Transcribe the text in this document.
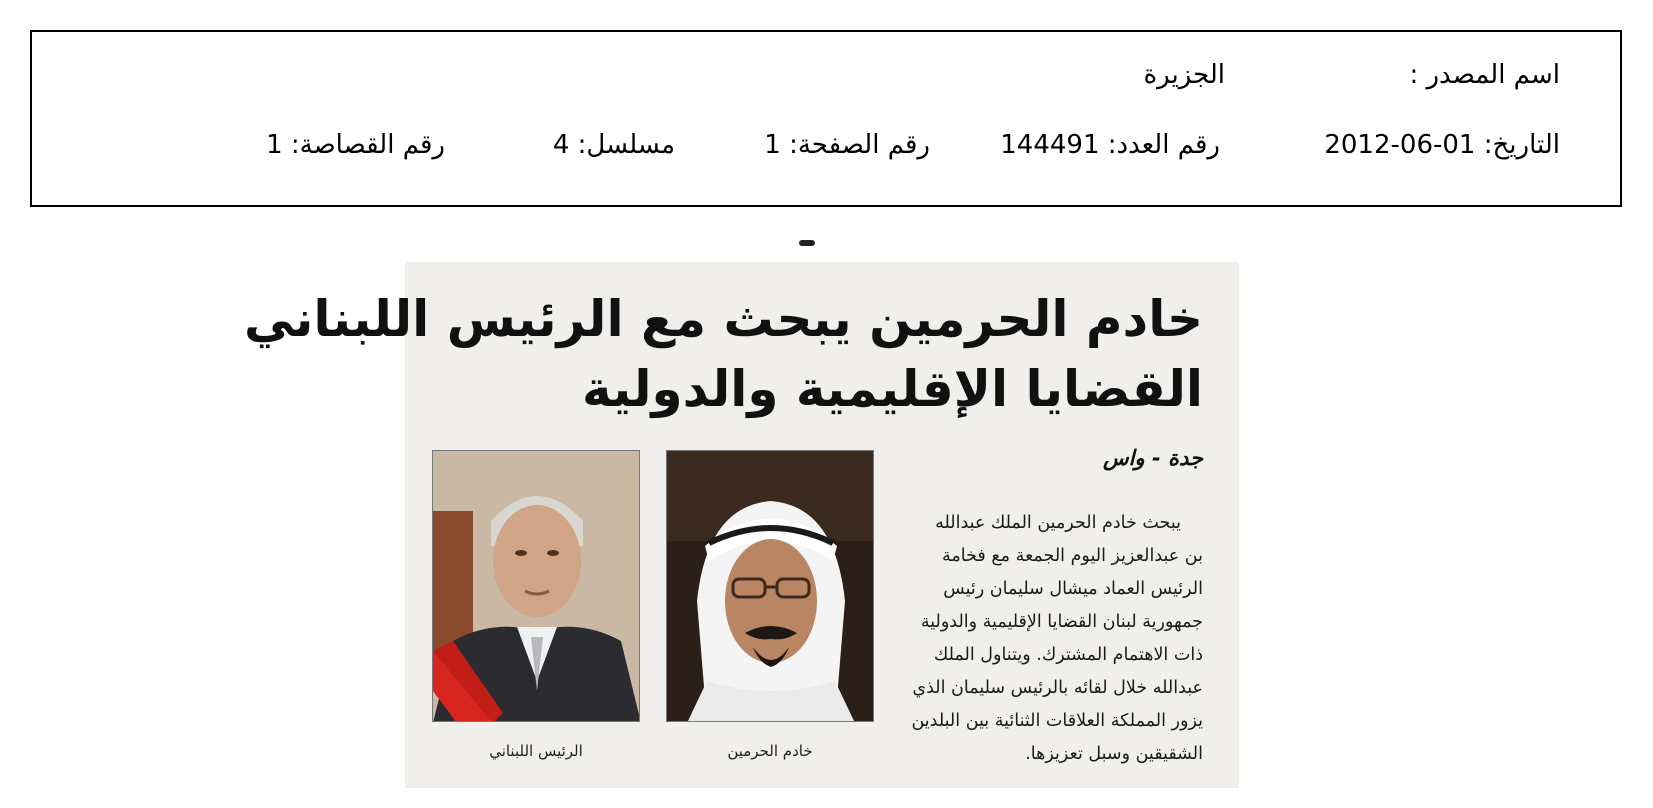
اسم المصدر :
الجزيرة
التاريخ: 01-06-2012
رقم العدد: 144491
رقم الصفحة: 1
مسلسل: 4
رقم القصاصة: 1
خادم الحرمين يبحث مع الرئيس اللبناني
القضايا الإقليمية والدولية
جدة - واس
يبحث خادم الحرمين الملك عبدالله
بن عبدالعزيز اليوم الجمعة مع فخامة
الرئيس العماد ميشال سليمان رئيس
جمهورية لبنان القضايا الإقليمية والدولية
ذات الاهتمام المشترك. ويتناول الملك
عبدالله خلال لقائه بالرئيس سليمان الذي
يزور المملكة العلاقات الثنائية بين البلدين
الشقيقين وسبل تعزيزها.
خادم الحرمين
الرئيس اللبناني
